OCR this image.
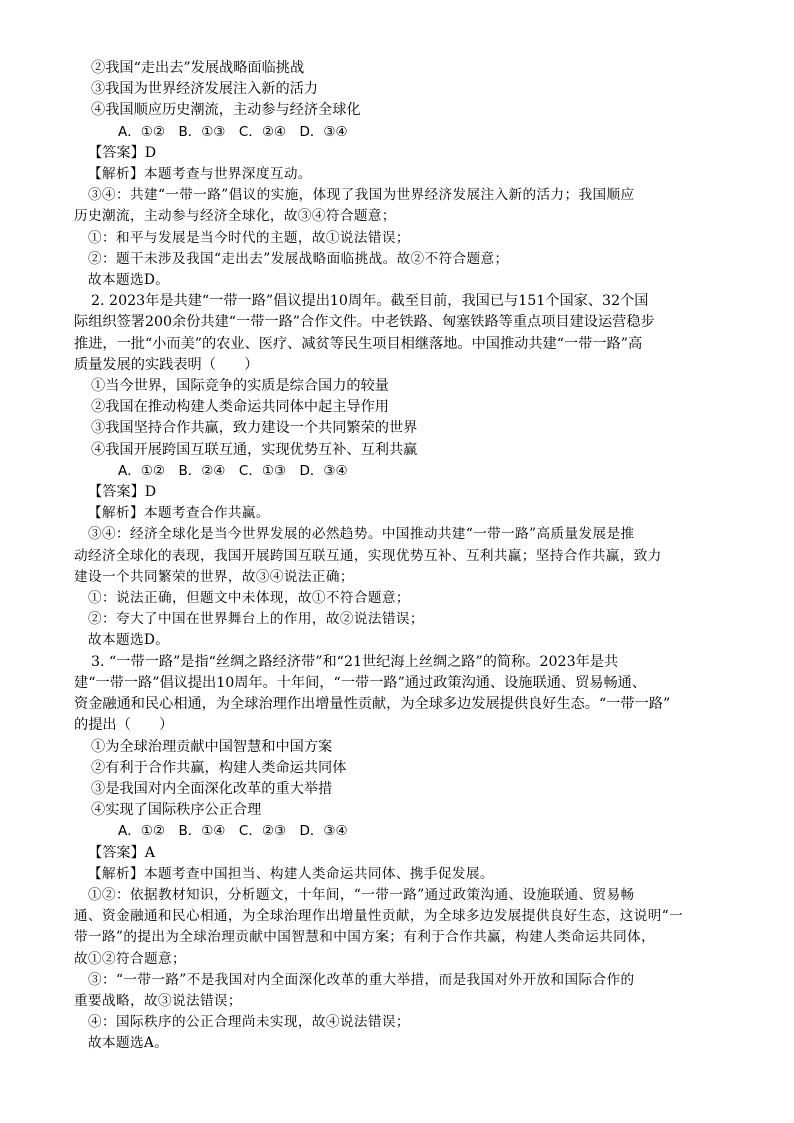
②我国“走出去”发展战略面临挑战
③我国为世界经济发展注入新的活力
④我国顺应历史潮流，主动参与经济全球化
A．①②　B．①③　C．②④　D．③④
【答案】D
【解析】本题考查与世界深度互动。
③④：共建“一带一路”倡议的实施，体现了我国为世界经济发展注入新的活力；我国顺应
历史潮流，主动参与经济全球化，故③④符合题意；
①：和平与发展是当今时代的主题，故①说法错误；
②：题干未涉及我国“走出去”发展战略面临挑战。故②不符合题意；
故本题选D。
2. 2023年是共建“一带一路”倡议提出10周年。截至目前，我国已与151个国家、32个国
际组织签署200余份共建“一带一路”合作文件。中老铁路、匈塞铁路等重点项目建设运营稳步
推进，一批“小而美”的农业、医疗、减贫等民生项目相继落地。中国推动共建“一带一路”高
质量发展的实践表明（　　）
①当今世界，国际竞争的实质是综合国力的较量
②我国在推动构建人类命运共同体中起主导作用
③我国坚持合作共赢，致力建设一个共同繁荣的世界
④我国开展跨国互联互通，实现优势互补、互利共赢
A．①②　B．②④　C．①③　D．③④
【答案】D
【解析】本题考查合作共赢。
③④：经济全球化是当今世界发展的必然趋势。中国推动共建“一带一路”高质量发展是推
动经济全球化的表现，我国开展跨国互联互通，实现优势互补、互利共赢；坚持合作共赢，致力
建设一个共同繁荣的世界，故③④说法正确；
①：说法正确，但题文中未体现，故①不符合题意；
②：夸大了中国在世界舞台上的作用，故②说法错误；
故本题选D。
3. “一带一路”是指“丝绸之路经济带”和“21世纪海上丝绸之路”的简称。2023年是共
建“一带一路”倡议提出10周年。十年间，“一带一路”通过政策沟通、设施联通、贸易畅通、
资金融通和民心相通，为全球治理作出增量性贡献，为全球多边发展提供良好生态。“一带一路”
的提出（　　）
①为全球治理贡献中国智慧和中国方案
②有利于合作共赢，构建人类命运共同体
③是我国对内全面深化改革的重大举措
④实现了国际秩序公正合理
A．①②　B．①④　C．②③　D．③④
【答案】A
【解析】本题考查中国担当、构建人类命运共同体、携手促发展。
①②：依据教材知识，分析题文，十年间，“一带一路”通过政策沟通、设施联通、贸易畅
通、资金融通和民心相通，为全球治理作出增量性贡献，为全球多边发展提供良好生态，这说明“一
带一路”的提出为全球治理贡献中国智慧和中国方案；有利于合作共赢，构建人类命运共同体，
故①②符合题意；
③：“一带一路”不是我国对内全面深化改革的重大举措，而是我国对外开放和国际合作的
重要战略，故③说法错误；
④：国际秩序的公正合理尚未实现，故④说法错误；
故本题选A。
